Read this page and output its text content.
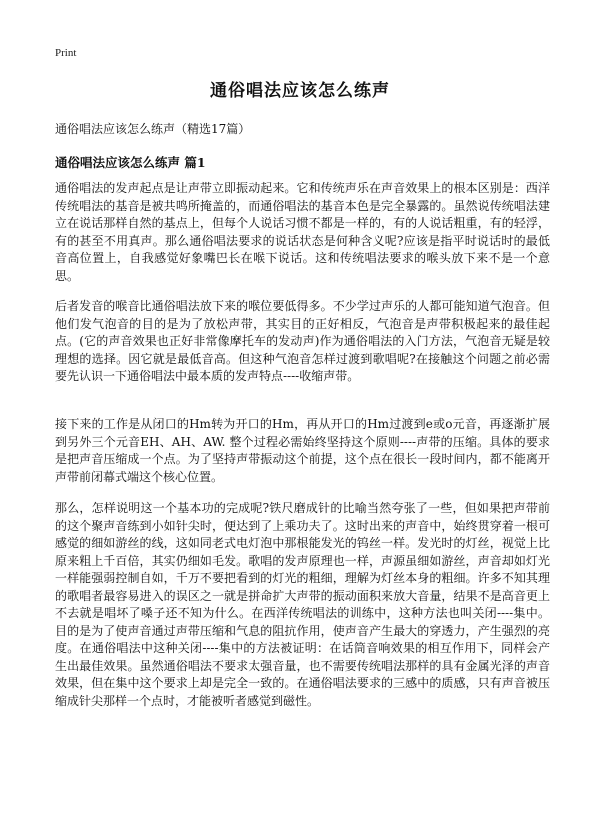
Print
通俗唱法应该怎么练声
通俗唱法应该怎么练声（精选17篇）
通俗唱法应该怎么练声 篇1

通俗唱法的发声起点是让声带立即振动起来。它和传统声乐在声音效果上的根本区别是：西洋传统唱法的基音是被共鸣所掩盖的，而通俗唱法的基音本色是完全暴露的。虽然说传统唱法建立在说话那样自然的基点上，但每个人说话习惯不都是一样的，有的人说话粗重，有的轻浮，有的甚至不用真声。那么通俗唱法要求的说话状态是何种含义呢?应该是指平时说话时的最低音高位置上，自我感觉好象嘴巴长在喉下说话。这和传统唱法要求的喉头放下来不是一个意思。

后者发音的喉音比通俗唱法放下来的喉位要低得多。不少学过声乐的人都可能知道气泡音。但他们发气泡音的目的是为了放松声带，其实目的正好相反，气泡音是声带积极起来的最佳起点。(它的声音效果也正好非常像摩托车的发动声)作为通俗唱法的入门方法，气泡音无疑是较理想的选择。因它就是最低音高。但这种气泡音怎样过渡到歌唱呢?在接触这个问题之前必需要先认识一下通俗唱法中最本质的发声特点----收缩声带。

接下来的工作是从闭口的Hm转为开口的Hm，再从开口的Hm过渡到e或o元音，再逐渐扩展到另外三个元音EH、AH、AW. 整个过程必需始终坚持这个原则----声带的压缩。具体的要求是把声音压缩成一个点。为了坚持声带振动这个前提，这个点在很长一段时间内，都不能离开声带前闭幕式端这个核心位置。

那么，怎样说明这一个基本功的完成呢?铁尺磨成针的比喻当然夸张了一些，但如果把声带前的这个聚声音练到小如针尖时，便达到了上乘功夫了。这时出来的声音中，始终贯穿着一根可感觉的细如游丝的线，这如同老式电灯泡中那根能发光的钨丝一样。发光时的灯丝，视觉上比原来粗上千百倍，其实仍细如毛发。歌唱的发声原理也一样，声源虽细如游丝，声音却如灯光一样能强弱控制自如，千万不要把看到的灯光的粗细，理解为灯丝本身的粗细。许多不知其理的歌唱者最容易进入的误区之一就是拼命扩大声带的振动面积来放大音量，结果不是高音更上不去就是唱坏了嗓子还不知为什么。在西洋传统唱法的训练中，这种方法也叫关闭----集中。目的是为了使声音通过声带压缩和气息的阻抗作用，使声音产生最大的穿透力，产生强烈的亮度。在通俗唱法中这种关闭----集中的方法被证明：在话筒音响效果的相互作用下，同样会产生出最佳效果。虽然通俗唱法不要求太强音量，也不需要传统唱法那样的具有金属光泽的声音效果，但在集中这个要求上却是完全一致的。在通俗唱法要求的三感中的质感，只有声音被压缩成针尖那样一个点时，才能被听者感觉到磁性。
